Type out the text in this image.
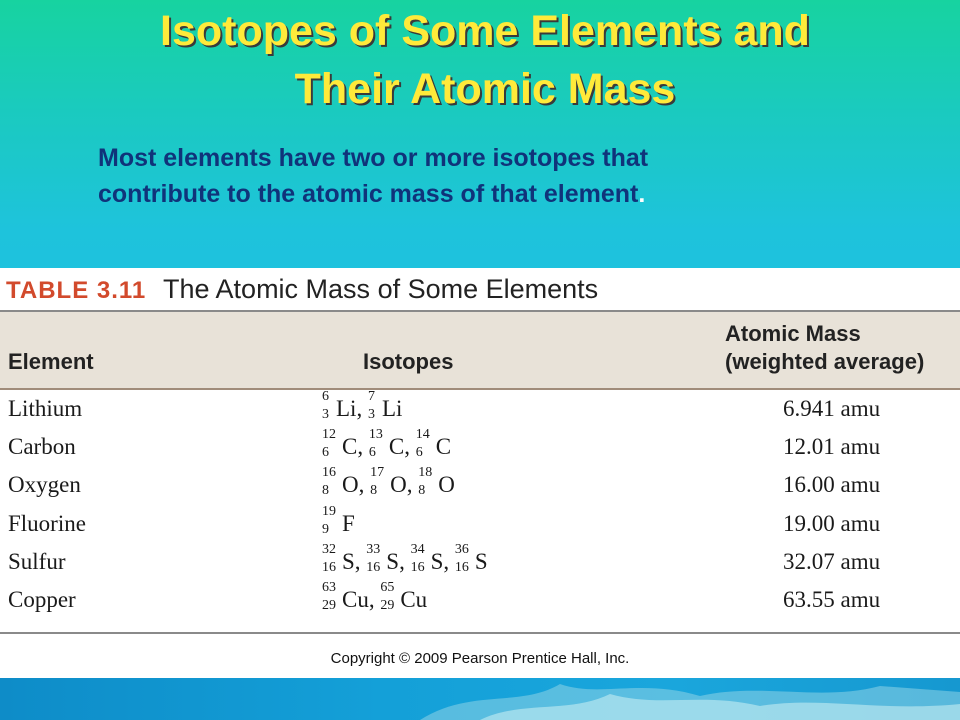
Isotopes of Some Elements and
Their Atomic Mass
Most elements have two or more isotopes that
contribute to the atomic mass of that element.
TABLE 3.11 The Atomic Mass of Some Elements
Element	Isotopes
Atomic Mass
(weighted average)
Lithium	6
3 Li, 7
3 Li	6.941 amu
Carbon	12
6 C, 13
6 C, 14
6 C	12.01 amu
Oxygen	16
8 O, 17
8 O, 18
8 O	16.00 amu
Fluorine	19
9 F	19.00 amu
Sulfur	32
16 S, 33
16 S, 34
16 S, 36
16 S	32.07 amu
Copper	63
29 Cu, 65
29 Cu	63.55 amu
Copyright © 2009 Pearson Prentice Hall, Inc.
